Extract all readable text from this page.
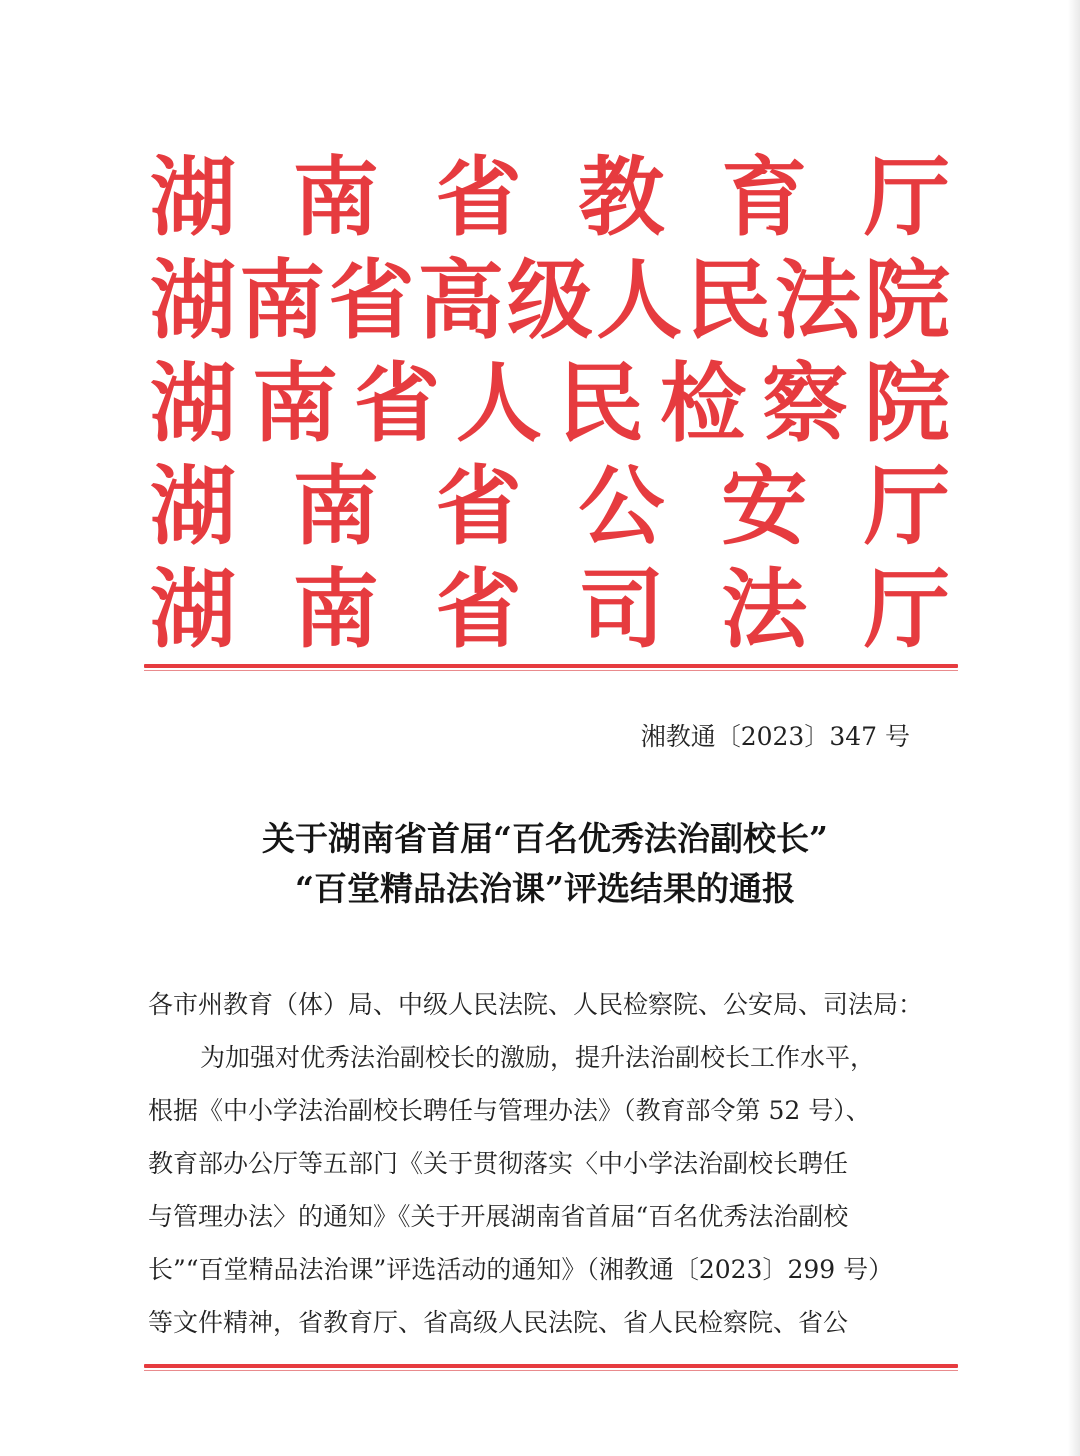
湖 南 省 教 育 厅
湖 南 省 高 级 人 民 法 院
湖 南 省 人 民 检 察 院
湖 南 省 公 安 厅
湖 南 省 司 法 厅
湘教通〔2023〕347 号
关于湖南省首届“百名优秀法治副校长”
“百堂精品法治课”评选结果的通报
各市州教育（体）局、中级人民法院、人民检察院、公安局、司法局：
为加强对优秀法治副校长的激励，提升法治副校长工作水平，
根据《中小学法治副校长聘任与管理办法》（教育部令第 52 号）、
教育部办公厅等五部门《关于贯彻落实〈中小学法治副校长聘任
与管理办法〉的通知》《关于开展湖南省首届“百名优秀法治副校
长”“百堂精品法治课”评选活动的通知》（湘教通〔2023〕299 号）
等文件精神，省教育厅、省高级人民法院、省人民检察院、省公
